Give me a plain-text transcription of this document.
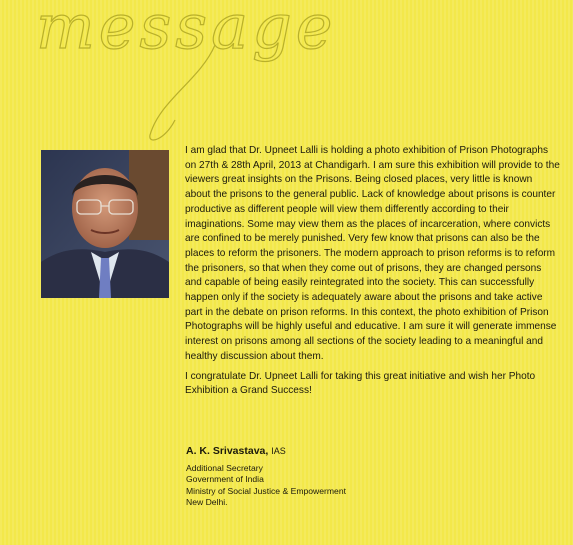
message

I am glad that Dr. Upneet Lalli is holding a photo exhibition of Prison Photographs on 27th & 28th April, 2013 at Chandigarh. I am sure this exhibition will provide to the viewers great insights on the Prisons. Being closed places, very little is known about the prisons to the general public. Lack of knowledge about prisons is counter productive as different people will view them differently according to their imaginations. Some may view them as the places of incarceration, where convicts are confined to be merely punished. Very few know that prisons can also be the places to reform the prisoners. The modern approach to prison reforms is to reform the prisoners, so that when they come out of prisons, they are changed persons and capable of being easily reintegrated into the society. This can successfully happen only if the society is adequately aware about the prisons and take active part in the debate on prison reforms. In this context, the photo exhibition of Prison Photographs will be highly useful and educative. I am sure it will generate immense interest on prisons among all sections of the society leading to a meaningful and healthy discussion about them.

I congratulate Dr. Upneet Lalli for taking this great initiative and wish her Photo Exhibition a Grand Success!

A. K. Srivastava, IAS
Additional Secretary
Government of India
Ministry of Social Justice & Empowerment
New Delhi.
